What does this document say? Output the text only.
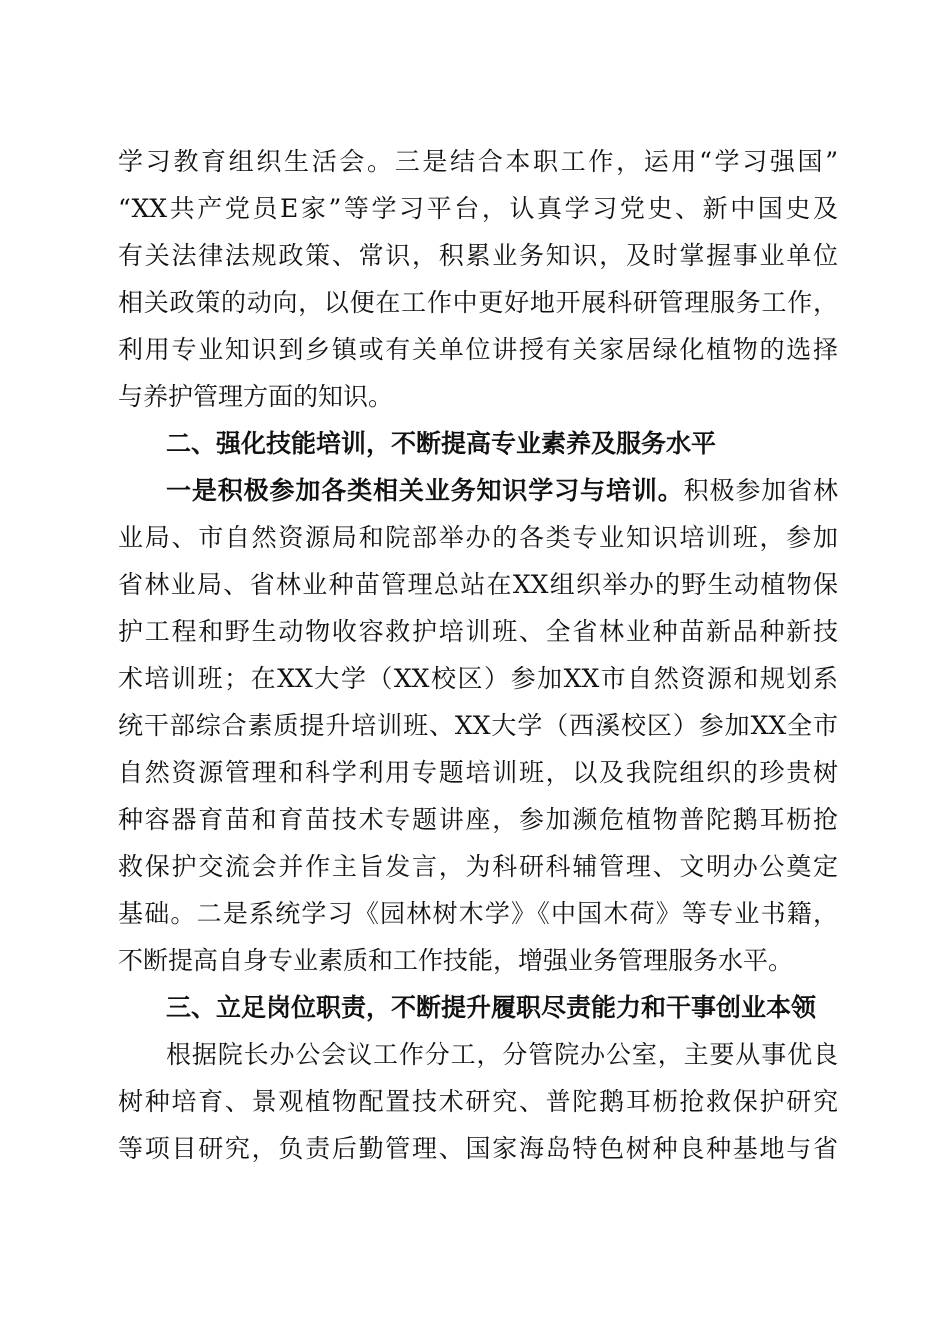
学习教育组织生活会。三是结合本职工作，运用“学习强国”
“XX共产党员E家”等学习平台，认真学习党史、新中国史及
有关法律法规政策、常识，积累业务知识，及时掌握事业单位
相关政策的动向，以便在工作中更好地开展科研管理服务工作，
利用专业知识到乡镇或有关单位讲授有关家居绿化植物的选择
与养护管理方面的知识。
二、强化技能培训，不断提高专业素养及服务水平
一是积极参加各类相关业务知识学习与培训。积极参加省林
业局、市自然资源局和院部举办的各类专业知识培训班，参加
省林业局、省林业种苗管理总站在XX组织举办的野生动植物保
护工程和野生动物收容救护培训班、全省林业种苗新品种新技
术培训班；在XX大学（XX校区）参加XX市自然资源和规划系
统干部综合素质提升培训班、XX大学（西溪校区）参加XX全市
自然资源管理和科学利用专题培训班，以及我院组织的珍贵树
种容器育苗和育苗技术专题讲座，参加濒危植物普陀鹅耳枥抢
救保护交流会并作主旨发言，为科研科辅管理、文明办公奠定
基础。二是系统学习《园林树木学》《中国木荷》等专业书籍，
不断提高自身专业素质和工作技能，增强业务管理服务水平。
三、立足岗位职责，不断提升履职尽责能力和干事创业本领
根据院长办公会议工作分工，分管院办公室，主要从事优良
树种培育、景观植物配置技术研究、普陀鹅耳枥抢救保护研究
等项目研究，负责后勤管理、国家海岛特色树种良种基地与省
